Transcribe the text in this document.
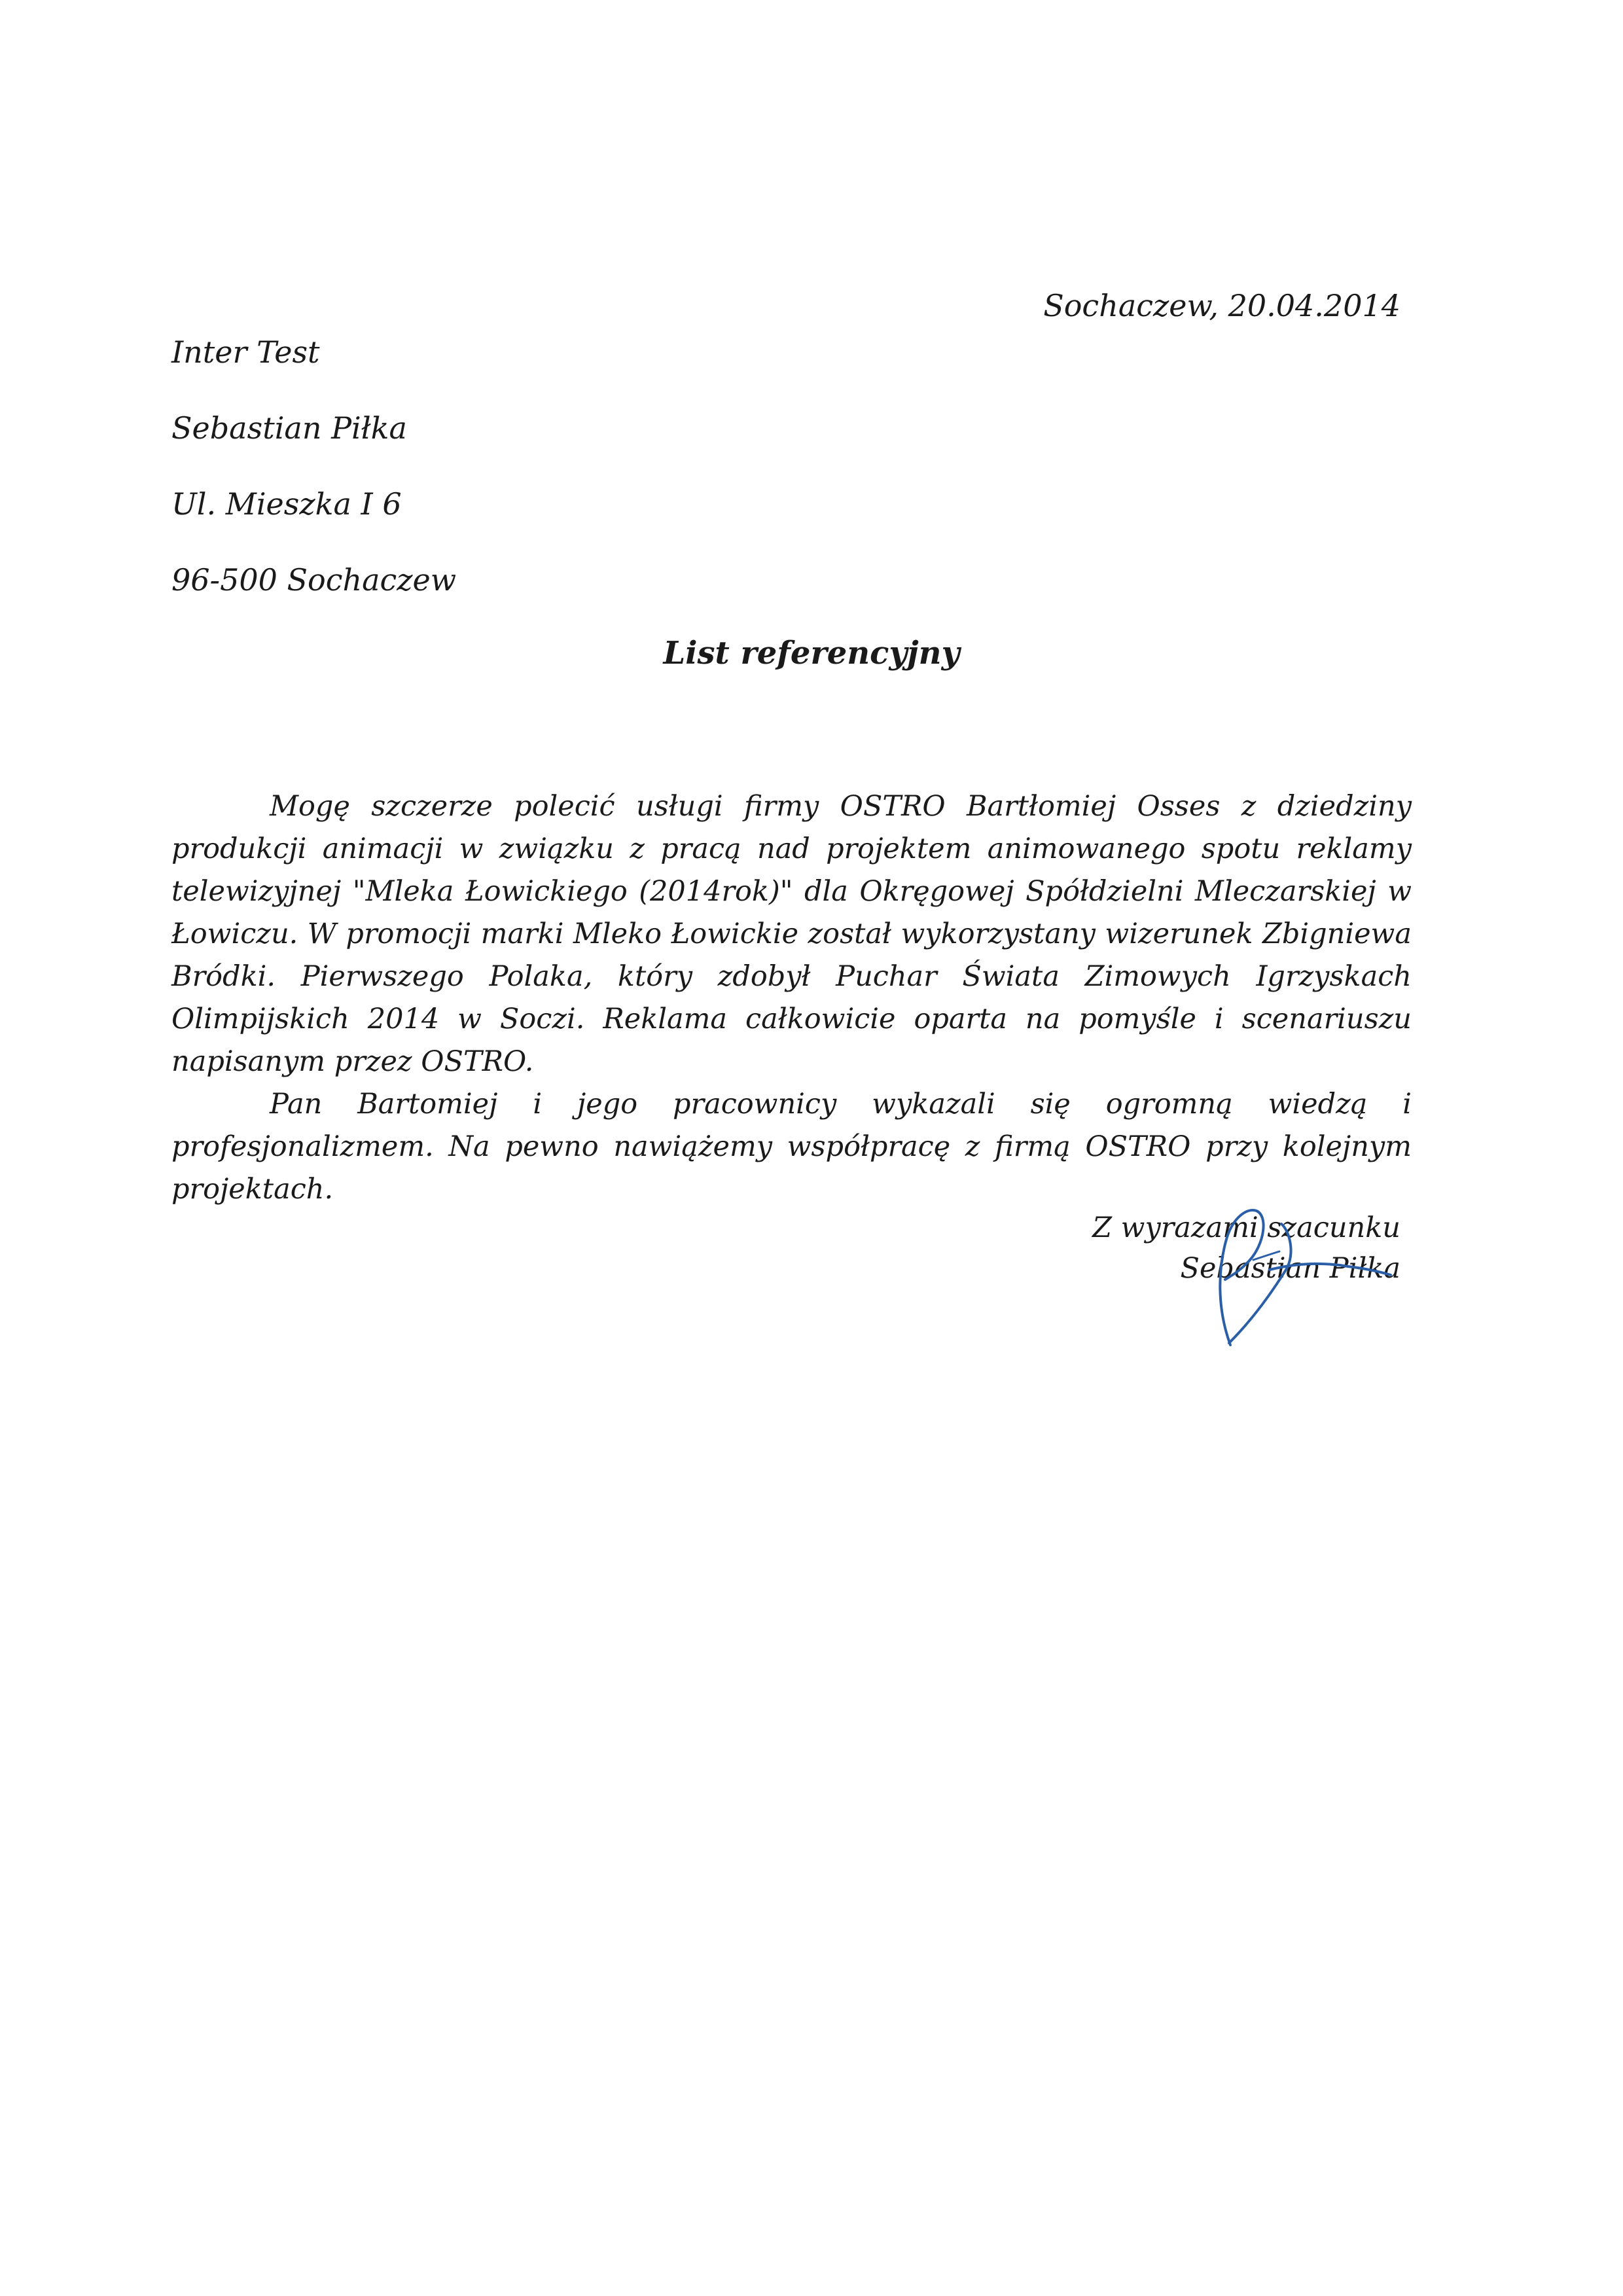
Sochaczew, 20.04.2014
Inter Test
Sebastian Piłka
Ul. Mieszka I 6
96-500 Sochaczew
List referencyjny

Mogę szczerze polecić usługi firmy OSTRO Bartłomiej Osses z dziedziny produkcji animacji w związku z pracą nad projektem animowanego spotu reklamy telewizyjnej "Mleka Łowickiego (2014rok)" dla Okręgowej Spółdzielni Mleczarskiej w Łowiczu. W promocji marki Mleko Łowickie został wykorzystany wizerunek Zbigniewa Bródki. Pierwszego Polaka, który zdobył Puchar Świata Zimowych Igrzyskach Olimpijskich 2014 w Soczi. Reklama całkowicie oparta na pomyśle i scenariuszu napisanym przez OSTRO.

Pan Bartomiej i jego pracownicy wykazali się ogromną wiedzą i profesjonalizmem. Na pewno nawiążemy współpracę z firmą OSTRO przy kolejnym projektach.

Z wyrazami szacunku
Sebastian Piłka
